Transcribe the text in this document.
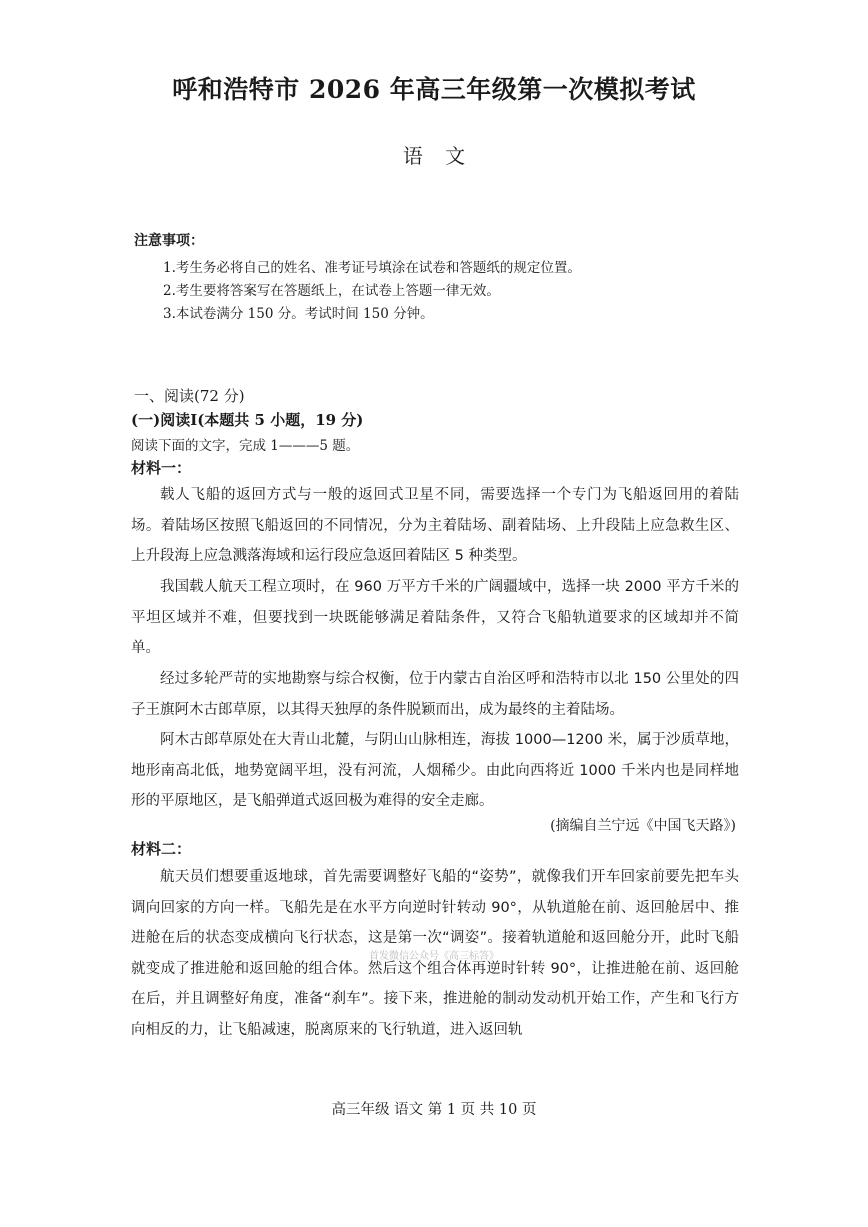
呼和浩特市 2026 年高三年级第一次模拟考试
语 文
注意事项：
1.考生务必将自己的姓名、准考证号填涂在试卷和答题纸的规定位置。
2.考生要将答案写在答题纸上，在试卷上答题一律无效。
3.本试卷满分 150 分。考试时间 150 分钟。
一、阅读(72 分)
(一)阅读Ⅰ(本题共 5 小题，19 分)
阅读下面的文字，完成 1———5 题。
材料一：
载人飞船的返回方式与一般的返回式卫星不同，需要选择一个专门为飞船返回用的着陆场。着陆场区按照飞船返回的不同情况，分为主着陆场、副着陆场、上升段陆上应急救生区、上升段海上应急溅落海域和运行段应急返回着陆区 5 种类型。
我国载人航天工程立项时，在 960 万平方千米的广阔疆域中，选择一块 2000 平方千米的平坦区域并不难，但要找到一块既能够满足着陆条件，又符合飞船轨道要求的区域却并不简单。
经过多轮严苛的实地勘察与综合权衡，位于内蒙古自治区呼和浩特市以北 150 公里处的四子王旗阿木古郎草原，以其得天独厚的条件脱颖而出，成为最终的主着陆场。
阿木古郎草原处在大青山北麓，与阴山山脉相连，海拔 1000—1200 米，属于沙质草地，地形南高北低，地势宽阔平坦，没有河流，人烟稀少。由此向西将近 1000 千米内也是同样地形的平原地区，是飞船弹道式返回极为难得的安全走廊。
(摘编自兰宁远《中国飞天路》)
材料二：
航天员们想要重返地球，首先需要调整好飞船的“姿势”，就像我们开车回家前要先把车头调向回家的方向一样。飞船先是在水平方向逆时针转动 90°，从轨道舱在前、返回舱居中、推进舱在后的状态变成横向飞行状态，这是第一次“调姿”。接着轨道舱和返回舱分开，此时飞船就变成了推进舱和返回舱的组合体。然后这个组合体再逆时针转 90°，让推进舱在前、返回舱在后，并且调整好角度，准备“刹车”。接下来，推进舱的制动发动机开始工作，产生和飞行方向相反的力，让飞船减速，脱离原来的飞行轨道，进入返回轨
首发微信公众号《高三标答》
高三年级 语文 第 1 页 共 10 页
